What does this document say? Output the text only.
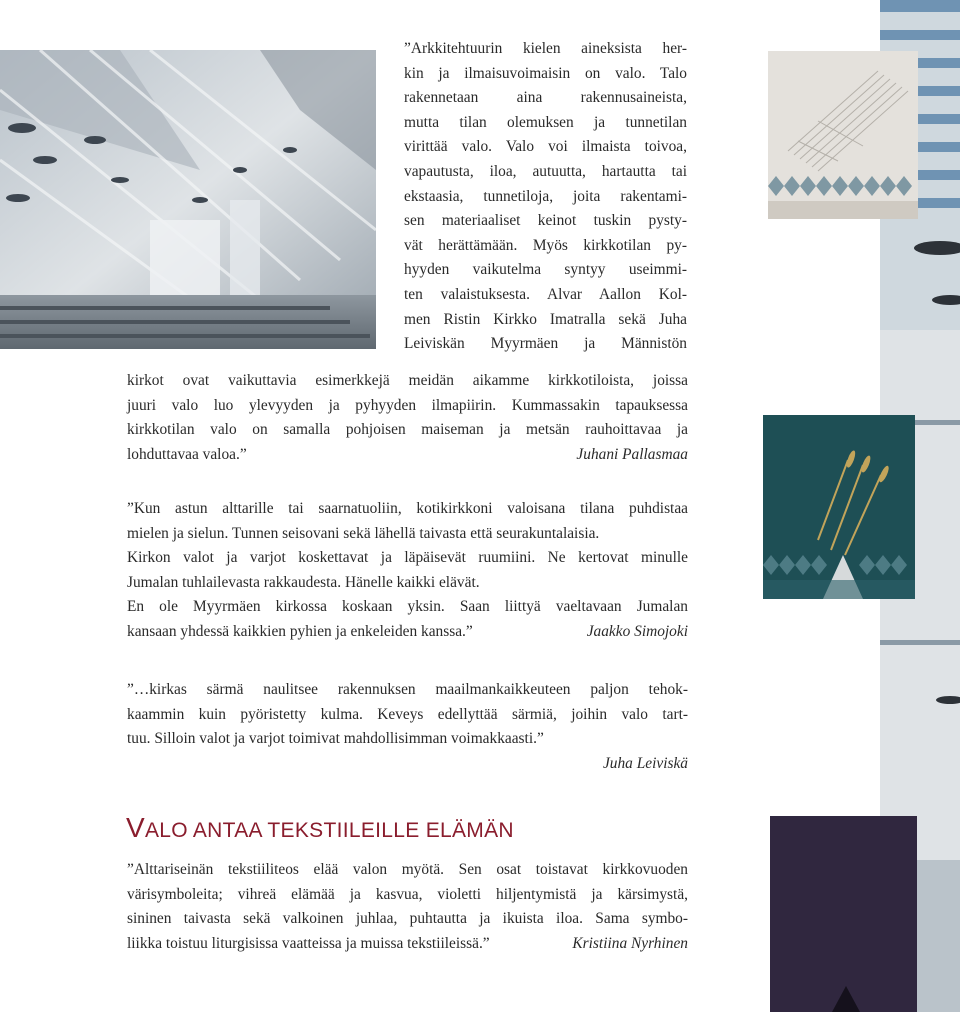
”Arkkitehtuurin kielen aineksista her-
kin ja ilmaisuvoimaisin on valo. Talo
rakennetaan aina rakennusaineista,
mutta tilan olemuksen ja tunnetilan
virittää valo. Valo voi ilmaista toivoa,
vapautusta, iloa, autuutta, hartautta tai
ekstaasia, tunnetiloja, joita rakentami-
sen materiaaliset keinot tuskin pysty-
vät herättämään. Myös kirkkotilan py-
hyyden vaikutelma syntyy useimmi-
ten valaistuksesta. Alvar Aallon Kol-
men Ristin Kirkko Imatralla sekä Juha
Leiviskän Myyrmäen ja Männistön
kirkot ovat vaikuttavia esimerkkejä meidän aikamme kirkkotiloista, joissa
juuri valo luo ylevyyden ja pyhyyden ilmapiirin. Kummassakin tapauksessa
kirkkotilan valo on samalla pohjoisen maiseman ja metsän rauhoittavaa ja
lohduttavaa valoa.”	Juhani Pallasmaa
”Kun astun alttarille tai saarnatuoliin, kotikirkkoni valoisana tilana puhdistaa
mielen ja sielun. Tunnen seisovani sekä lähellä taivasta että seurakuntalaisia.
Kirkon valot ja varjot koskettavat ja läpäisevät ruumiini. Ne kertovat minulle
Jumalan tuhlailevasta rakkaudesta. Hänelle kaikki elävät.
En ole Myyrmäen kirkossa koskaan yksin. Saan liittyä vaeltavaan Jumalan
kansaan yhdessä kaikkien pyhien ja enkeleiden kanssa.”	Jaakko Simojoki
”…kirkas särmä naulitsee rakennuksen maailmankaikkeuteen paljon tehok-
kaammin kuin pyöristetty kulma. Keveys edellyttää särmiä, joihin valo tart-
tuu. Silloin valot ja varjot toimivat mahdollisimman voimakkaasti.”
Juha Leiviskä
VALO ANTAA TEKSTIILEILLE ELÄMÄN
”Alttariseinän tekstiiliteos elää valon myötä. Sen osat toistavat kirkkovuoden
värisymboleita; vihreä elämää ja kasvua, violetti hiljentymistä ja kärsimystä,
sininen taivasta sekä valkoinen juhlaa, puhtautta ja ikuista iloa. Sama symbo-
liikka toistuu liturgisissa vaatteissa ja muissa tekstiileissä.”	Kristiina Nyrhinen
